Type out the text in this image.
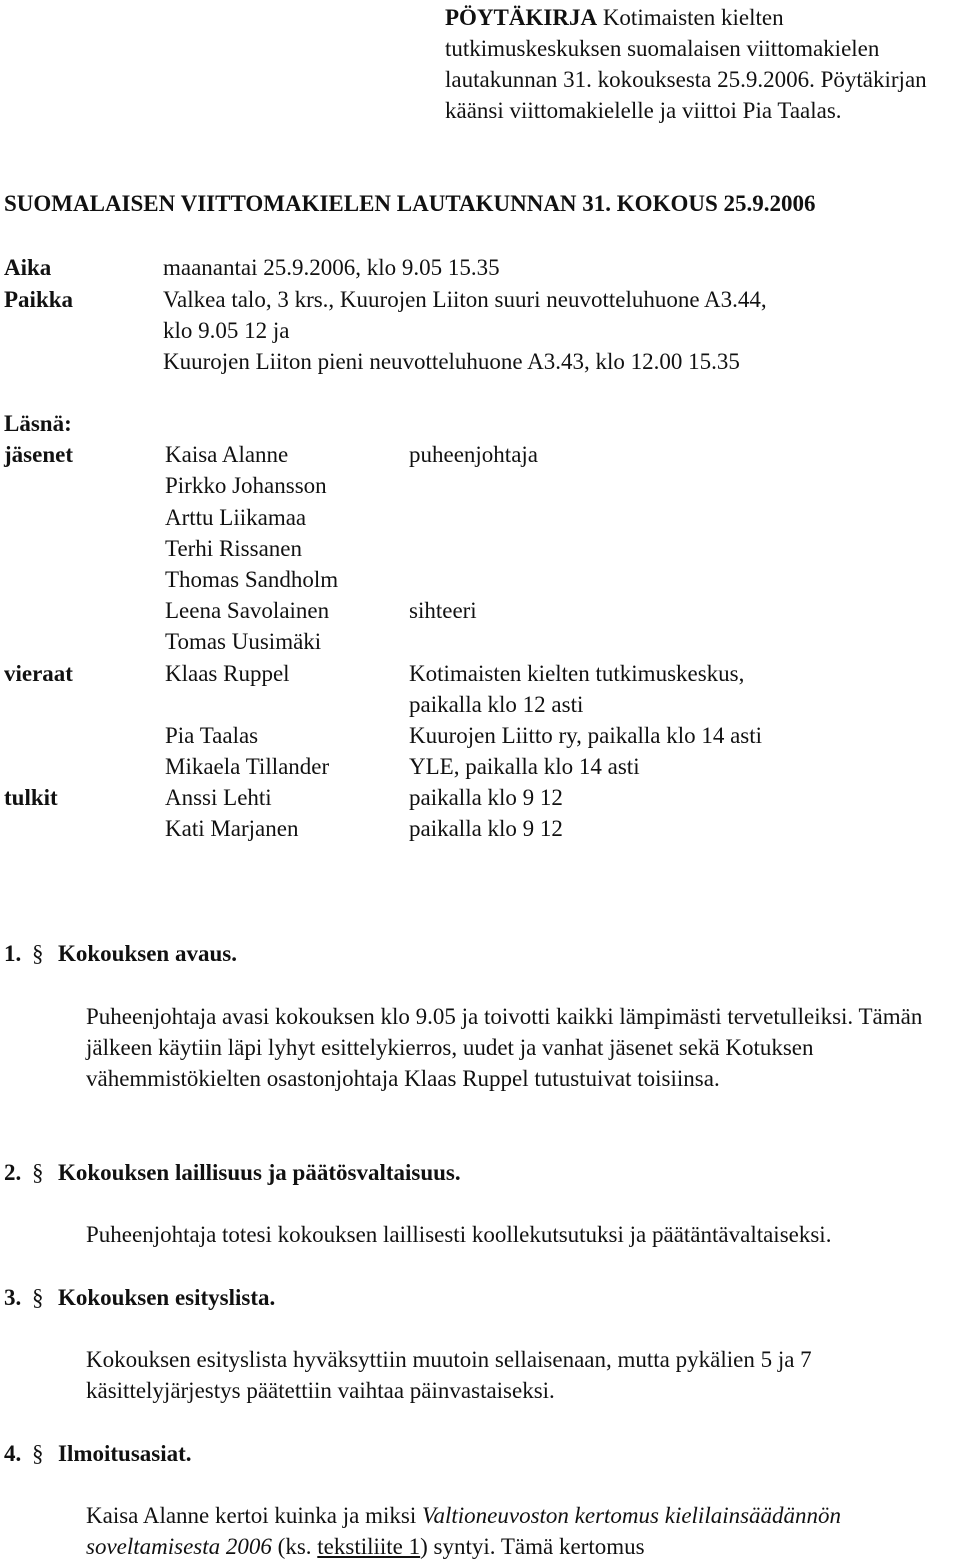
PÖYTÄKIRJA Kotimaisten kielten tutkimuskeskuksen suomalaisen viittomakielen lautakunnan 31. kokouksesta 25.9.2006. Pöytäkirjan käänsi viittomakielelle ja viittoi Pia Taalas.
SUOMALAISEN VIITTOMAKIELEN LAUTAKUNNAN 31. KOKOUS 25.9.2006
Aika	maanantai 25.9.2006, klo 9.05 15.35
Paikka	Valkea talo, 3 krs., Kuurojen Liiton suuri neuvotteluhuone A3.44,
klo 9.05 12 ja
Kuurojen Liiton pieni neuvotteluhuone A3.43, klo 12.00 15.35
Läsnä:
jäsenet	Kaisa Alanne	puheenjohtaja
Pirkko Johansson
Arttu Liikamaa
Terhi Rissanen
Thomas Sandholm
Leena Savolainen	sihteeri
Tomas Uusimäki
vieraat	Klaas Ruppel	Kotimaisten kielten tutkimuskeskus,
paikalla klo 12 asti
Pia Taalas	Kuurojen Liitto ry, paikalla klo 14 asti
Mikaela Tillander	YLE, paikalla klo 14 asti
tulkit	Anssi Lehti	paikalla klo 9 12
Kati Marjanen	paikalla klo 9 12
1. § Kokouksen avaus.
Puheenjohtaja avasi kokouksen klo 9.05 ja toivotti kaikki lämpimästi tervetulleiksi. Tämän jälkeen käytiin läpi lyhyt esittelykierros, uudet ja vanhat jäsenet sekä Kotuksen vähemmistökielten osastonjohtaja Klaas Ruppel tutustuivat toisiinsa.
2. § Kokouksen laillisuus ja päätösvaltaisuus.
Puheenjohtaja totesi kokouksen laillisesti koollekutsutuksi ja päätäntävaltaiseksi.
3. § Kokouksen esityslista.
Kokouksen esityslista hyväksyttiin muutoin sellaisenaan, mutta pykälien 5 ja 7 käsittelyjärjestys päätettiin vaihtaa päinvastaiseksi.
4. § Ilmoitusasiat.
Kaisa Alanne kertoi kuinka ja miksi Valtioneuvoston kertomus kielilainsäädännön soveltamisesta 2006 (ks. tekstiliite 1) syntyi. Tämä kertomus
